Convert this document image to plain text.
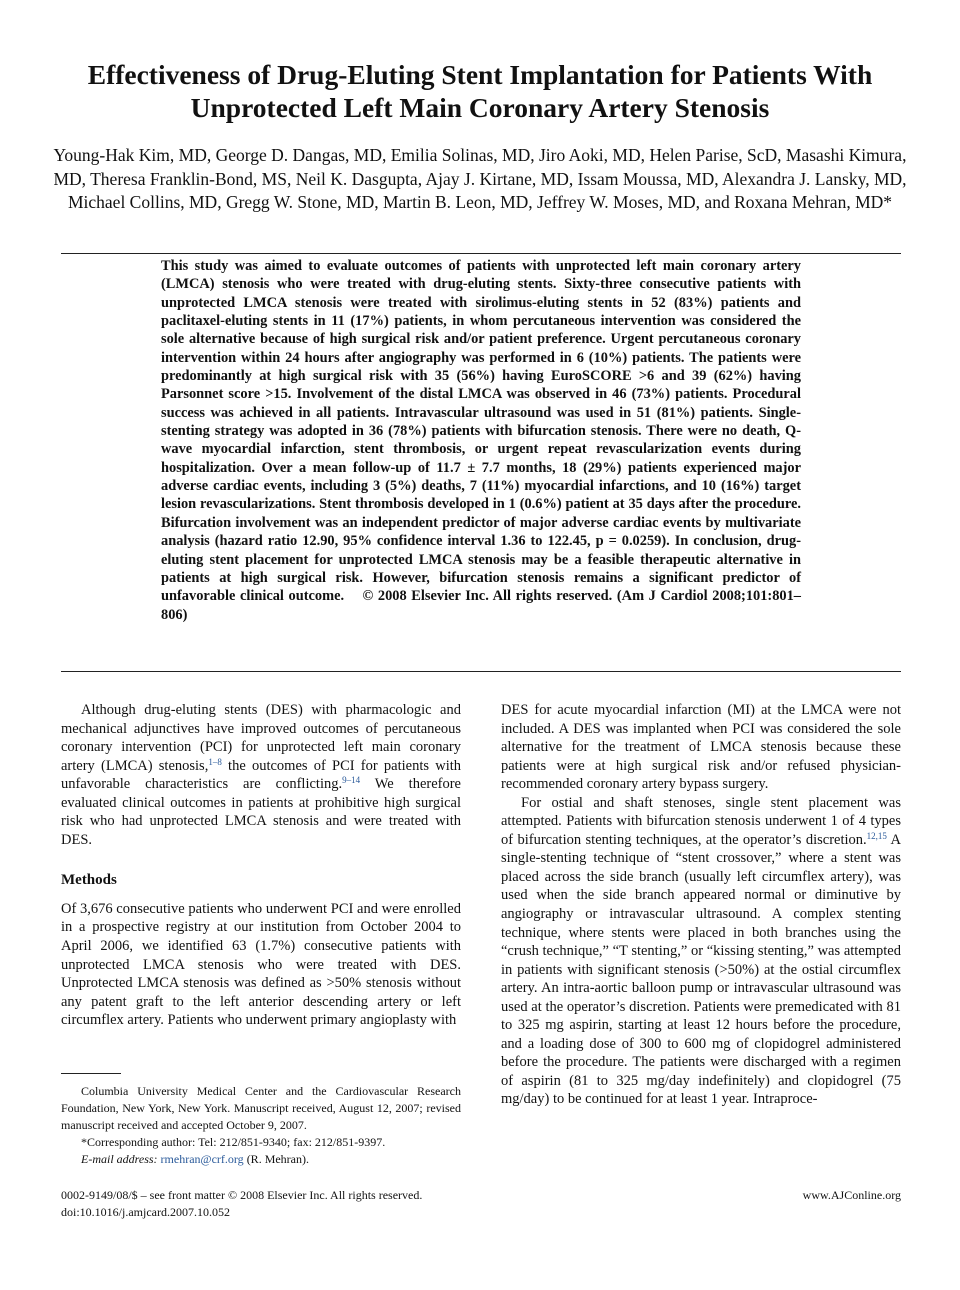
Effectiveness of Drug-Eluting Stent Implantation for Patients With Unprotected Left Main Coronary Artery Stenosis

Young-Hak Kim, MD, George D. Dangas, MD, Emilia Solinas, MD, Jiro Aoki, MD, Helen Parise, ScD, Masashi Kimura, MD, Theresa Franklin-Bond, MS, Neil K. Dasgupta, Ajay J. Kirtane, MD, Issam Moussa, MD, Alexandra J. Lansky, MD, Michael Collins, MD, Gregg W. Stone, MD, Martin B. Leon, MD, Jeffrey W. Moses, MD, and Roxana Mehran, MD*

This study was aimed to evaluate outcomes of patients with unprotected left main coronary artery (LMCA) stenosis who were treated with drug-eluting stents. Sixty-three consecutive patients with unprotected LMCA stenosis were treated with sirolimus-eluting stents in 52 (83%) patients and paclitaxel-eluting stents in 11 (17%) patients, in whom percutaneous intervention was considered the sole alternative because of high surgical risk and/or patient preference. Urgent percutaneous coronary intervention within 24 hours after angiography was performed in 6 (10%) patients. The patients were predominantly at high surgical risk with 35 (56%) having EuroSCORE >6 and 39 (62%) having Parsonnet score >15. Involvement of the distal LMCA was observed in 46 (73%) patients. Procedural success was achieved in all patients. Intravascular ultrasound was used in 51 (81%) patients. Single-stenting strategy was adopted in 36 (78%) patients with bifurcation stenosis. There were no death, Q-wave myocardial infarction, stent thrombosis, or urgent repeat revascularization events during hospitalization. Over a mean follow-up of 11.7 ± 7.7 months, 18 (29%) patients experienced major adverse cardiac events, including 3 (5%) deaths, 7 (11%) myocardial infarctions, and 10 (16%) target lesion revascularizations. Stent thrombosis developed in 1 (0.6%) patient at 35 days after the procedure. Bifurcation involvement was an independent predictor of major adverse cardiac events by multivariate analysis (hazard ratio 12.90, 95% confidence interval 1.36 to 122.45, p = 0.0259). In conclusion, drug-eluting stent placement for unprotected LMCA stenosis may be a feasible therapeutic alternative in patients at high surgical risk. However, bifurcation stenosis remains a significant predictor of unfavorable clinical outcome. © 2008 Elsevier Inc. All rights reserved. (Am J Cardiol 2008;101:801–806)

Although drug-eluting stents (DES) with pharmacologic and mechanical adjunctives have improved outcomes of percutaneous coronary intervention (PCI) for unprotected left main coronary artery (LMCA) stenosis,$^{1-8}$ the outcomes of PCI for patients with unfavorable characteristics are conflicting.$^{9-14}$ We therefore evaluated clinical outcomes in patients at prohibitive high surgical risk who had unprotected LMCA stenosis and were treated with DES.

Methods

Of 3,676 consecutive patients who underwent PCI and were enrolled in a prospective registry at our institution from October 2004 to April 2006, we identified 63 (1.7%) consecutive patients with unprotected LMCA stenosis who were treated with DES. Unprotected LMCA stenosis was defined as >50% stenosis without any patent graft to the left anterior descending artery or left circumflex artery. Patients who underwent primary angioplasty with

Columbia University Medical Center and the Cardiovascular Research Foundation, New York, New York. Manuscript received, August 12, 2007; revised manuscript received and accepted October 9, 2007.

*Corresponding author: Tel: 212/851-9340; fax: 212/851-9397.

E-mail address: rmehran@crf.org (R. Mehran).

DES for acute myocardial infarction (MI) at the LMCA were not included. A DES was implanted when PCI was considered the sole alternative for the treatment of LMCA stenosis because these patients were at high surgical risk and/or refused physician-recommended coronary artery bypass surgery.

For ostial and shaft stenoses, single stent placement was attempted. Patients with bifurcation stenosis underwent 1 of 4 types of bifurcation stenting techniques, at the operator’s discretion.$^{12,15}$ A single-stenting technique of “stent crossover,” where a stent was placed across the side branch (usually left circumflex artery), was used when the side branch appeared normal or diminutive by angiography or intravascular ultrasound. A complex stenting technique, where stents were placed in both branches using the “crush technique,” “T stenting,” or “kissing stenting,” was attempted in patients with significant stenosis (>50%) at the ostial circumflex artery. An intra-aortic balloon pump or intravascular ultrasound was used at the operator’s discretion. Patients were premedicated with 81 to 325 mg aspirin, starting at least 12 hours before the procedure, and a loading dose of 300 to 600 mg of clopidogrel administered before the procedure. The patients were discharged with a regimen of aspirin (81 to 325 mg/day indefinitely) and clopidogrel (75 mg/day) to be continued for at least 1 year. Intraproce-

0002-9149/08/$ – see front matter © 2008 Elsevier Inc. All rights reserved.
doi:10.1016/j.amjcard.2007.10.052
www.AJConline.org
